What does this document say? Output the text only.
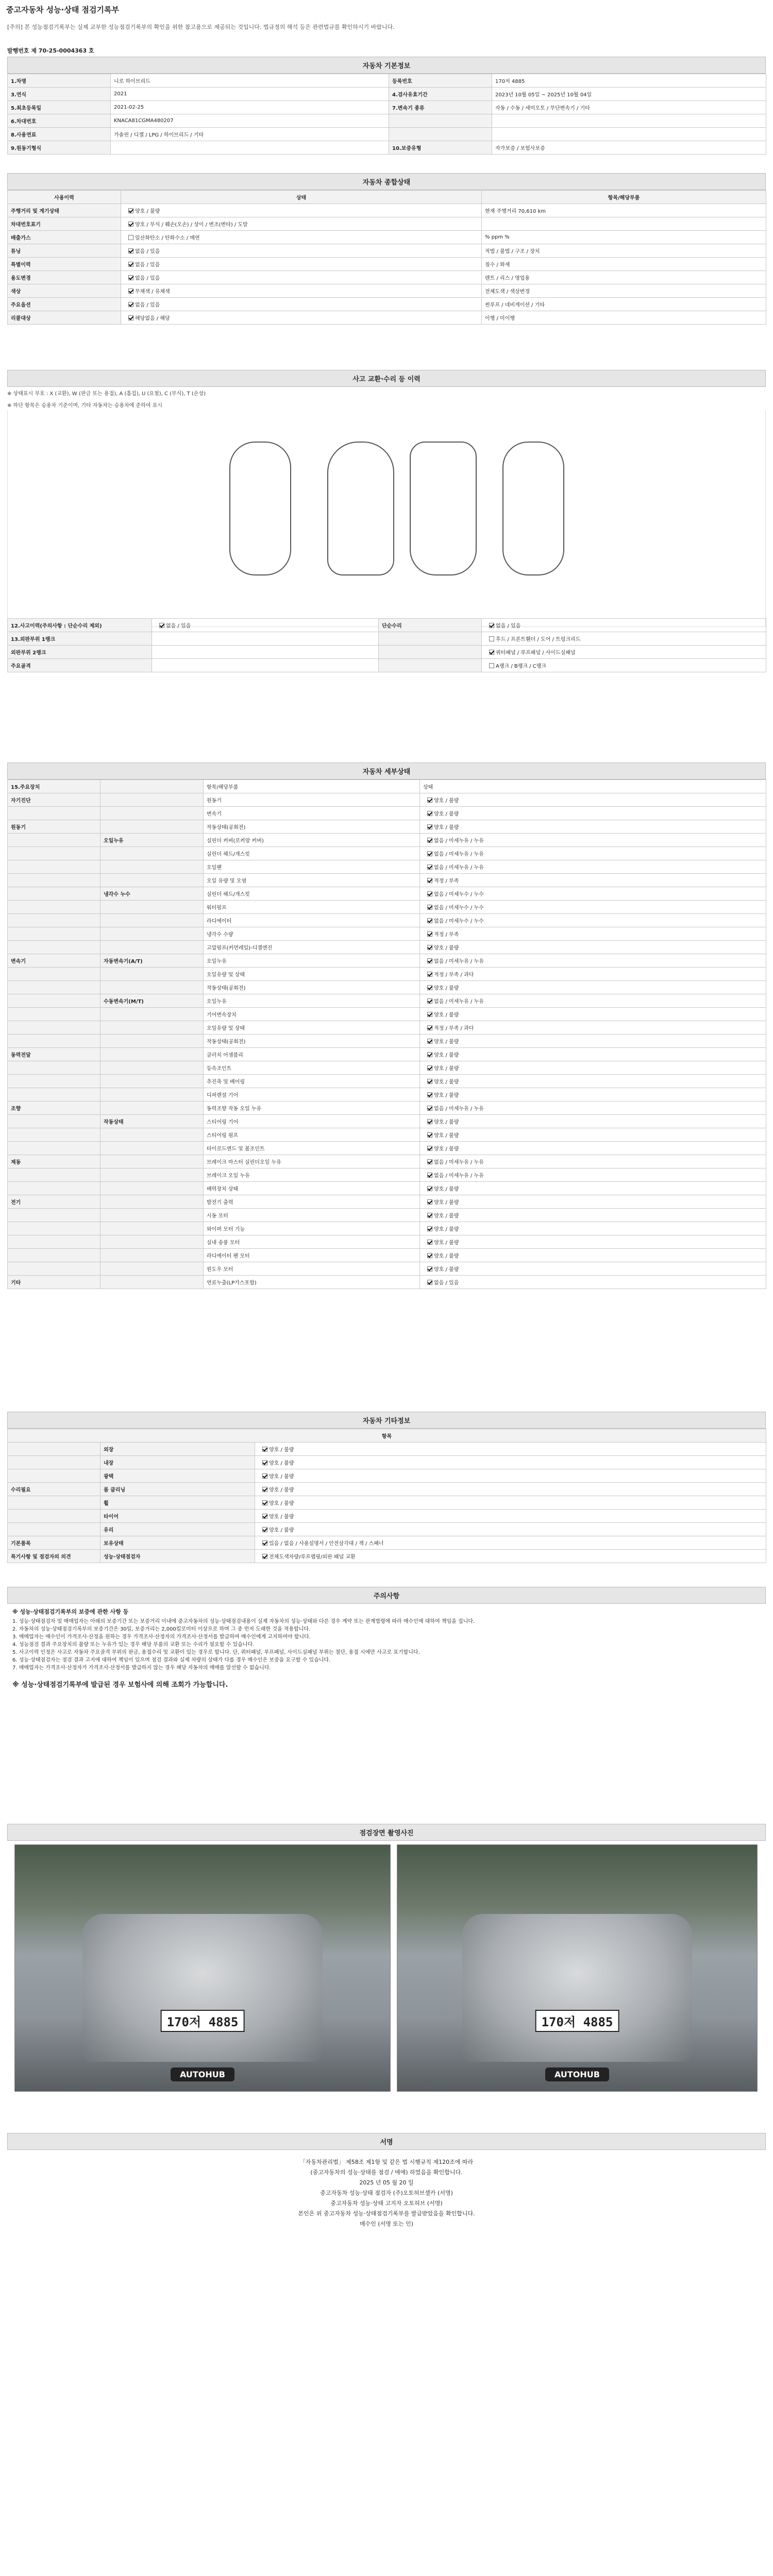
중고자동차 성능·상태 점검기록부
[주의] 본 성능점검기록부는 실제 교부한 성능점검기록부의 확인을 위한 참고용으로 제공되는 것입니다. 법규정의 해석 등은 관련법규를 확인하시기 바랍니다.
발행번호 제 70-25-0004363 호
자동차 기본정보
1.차명	니로 하이브리드	등록번호	170저 4885
3.연식	2021	4.검사유효기간	2023년 10월 05일 ~ 2025년 10월 04일
5.최초등록일	2021-02-25	7.변속기 종류	자동 / 수동 / 세미오토 / 무단변속기 / 기타
6.차대번호	KNACA81CGMA480207		
8.사용연료	가솔린 / 디젤 / LPG / 하이브리드 / 기타		
9.원동기형식		10.보증유형	자가보증 / 보험사보증
자동차 종합상태
사용이력	상태	항목/해당부품
주행거리 및 계기상태	양호 / 불량	현재 주행거리 70,610 km
차대번호표기	양호 / 부식 / 훼손(오손) / 상이 / 변조(변타) / 도말	
배출가스	일산화탄소 / 탄화수소 / 매연	% ppm %
튜닝	없음 / 있음	적법 / 불법 / 구조 / 장치
특별이력	없음 / 있음	침수 / 화재
용도변경	없음 / 있음	렌트 / 리스 / 영업용
색상	무채색 / 유채색	전체도색 / 색상변경
주요옵션	없음 / 있음	썬루프 / 네비게이션 / 기타
리콜대상	해당없음 / 해당	이행 / 미이행
사고 교환·수리 등 이력
※ 상태표시 부호 : X (교환), W (판금 또는 용접), A (흠집), U (요철), C (부식), T (손상)
※ 하단 항목은 승용차 기준이며, 기타 자동차는 승용차에 준하여 표시
12.사고이력(주의사항 : 단순수리 제외)	없음 / 있음	단순수리	없음 / 있음
13.외판부위 1랭크			후드 / 프론트휀더 / 도어 / 트렁크리드
외판부위 2랭크			쿼터패널 / 루프패널 / 사이드실패널
주요골격			A랭크 / B랭크 / C랭크
자동차 세부상태
15.주요장치		항목/해당부품	상태
자기진단		원동기	양호 / 불량
		변속기	양호 / 불량
원동기		작동상태(공회전)	양호 / 불량
	오일누유	실린더 커버(로커암 커버)	없음 / 미세누유 / 누유
		실린더 헤드/개스킷	없음 / 미세누유 / 누유
		오일팬	없음 / 미세누유 / 누유
		오일 유량 및 오염	적정 / 부족
	냉각수 누수	실린더 헤드/개스킷	없음 / 미세누수 / 누수
		워터펌프	없음 / 미세누수 / 누수
		라디에이터	없음 / 미세누수 / 누수
		냉각수 수량	적정 / 부족
		고압펌프(커먼레일)-디젤엔진	양호 / 불량
변속기	자동변속기(A/T)	오일누유	없음 / 미세누유 / 누유
		오일유량 및 상태	적정 / 부족 / 과다
		작동상태(공회전)	양호 / 불량
	수동변속기(M/T)	오일누유	없음 / 미세누유 / 누유
		기어변속장치	양호 / 불량
		오일유량 및 상태	적정 / 부족 / 과다
		작동상태(공회전)	양호 / 불량
동력전달		클러치 어셈블리	양호 / 불량
		등속조인트	양호 / 불량
		추진축 및 베어링	양호 / 불량
		디퍼렌셜 기어	양호 / 불량
조향		동력조향 작동 오일 누유	없음 / 미세누유 / 누유
	작동상태	스티어링 기어	양호 / 불량
		스티어링 펌프	양호 / 불량
		타이로드엔드 및 볼조인트	양호 / 불량
제동		브레이크 마스터 실린더오일 누유	없음 / 미세누유 / 누유
		브레이크 오일 누유	없음 / 미세누유 / 누유
		배력장치 상태	양호 / 불량
전기		발전기 출력	양호 / 불량
		시동 모터	양호 / 불량
		와이퍼 모터 기능	양호 / 불량
		실내 송풍 모터	양호 / 불량
		라디에이터 팬 모터	양호 / 불량
		윈도우 모터	양호 / 불량
기타		연료누출(LP가스포함)	없음 / 있음
자동차 기타정보
항목		
	외장	양호 / 불량
	내장	양호 / 불량
	광택	양호 / 불량
수리필요	룸 클리닝	양호 / 불량
	휠	양호 / 불량
	타이어	양호 / 불량
	유리	양호 / 불량
기본품목	보유상태	있음 / 없음 / 사용설명서 / 안전삼각대 / 잭 / 스패너
특기사항 및 점검자의 의견	성능·상태점검자	전체도색차량/루프랩핑/외판 패널 교환
주의사항

※ 성능·상태점검기록부의 보증에 관한 사항 등

1. 성능·상태점검자 및 매매업자는 아래의 보증기간 또는 보증거리 이내에 중고자동차의 성능·상태점검내용이 실제 자동차의 성능·상태와 다른 경우 계약 또는 관계법령에 따라 매수인에 대하여 책임을 집니다.

2. 자동차의 성능·상태점검기록부의 보증기간은 30일, 보증거리는 2,000킬로미터 이상으로 하며 그 중 먼저 도래한 것을 적용합니다.

3. 매매업자는 매수인이 가격조사·산정을 원하는 경우 가격조사·산정자의 가격조사·산정서를 발급하여 매수인에게 고지하여야 합니다.

4. 성능점검 결과 주요장치의 불량 또는 누유가 있는 경우 해당 부품의 교환 또는 수리가 필요할 수 있습니다.

5. 사고이력 인정은 사고로 자동차 주요골격 부위의 판금, 용접수리 및 교환이 있는 경우로 합니다. 단, 쿼터패널, 루프패널, 사이드실패널 부위는 절단, 용접 시에만 사고로 표기합니다.

6. 성능·상태점검자는 점검 결과 고지에 대하여 책임이 있으며 점검 결과와 실제 차량의 상태가 다를 경우 매수인은 보증을 요구할 수 있습니다.

7. 매매업자는 가격조사·산정자가 가격조사·산정서를 발급하지 않는 경우 해당 자동차의 매매를 알선할 수 없습니다.

※ 성능·상태점검기록부에 발급된 경우 보험사에 의해 조회가 가능합니다.
점검장면 촬영사진
170저 4885
AUTOHUB
170저 4885
AUTOHUB
서명
「자동차관리법」 제58조 제1항 및 같은 법 시행규칙 제120조에 따라
(중고자동차의 성능·상태를 점검 / 매매) 하였음을 확인합니다.
2025 년 05 월 20 일
중고자동차 성능·상태 점검자 (주)오토허브셀카 (서명)
중고자동차 성능·상태 고지자 오토허브 (서명)
본인은 위 중고자동차 성능·상태점검기록부를 발급받았음을 확인합니다.
매수인 (서명 또는 인)
